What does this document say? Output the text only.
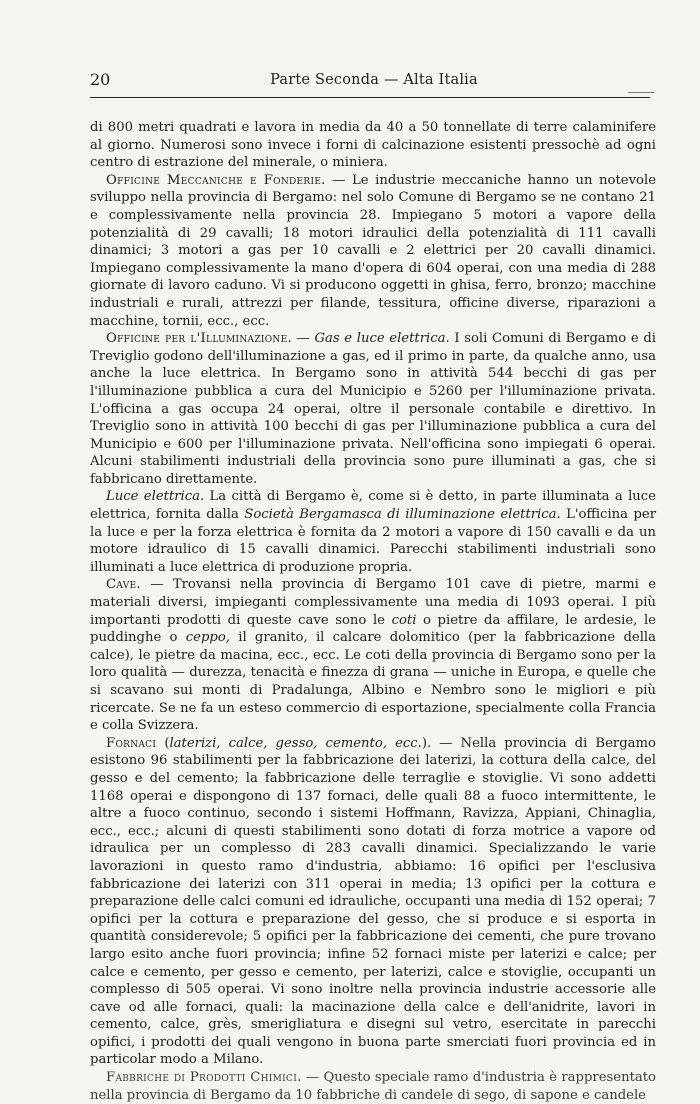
20	Parte Seconda — Alta Italia

di 800 metri quadrati e lavora in media da 40 a 50 tonnellate di terre calaminifere al giorno. Numerosi sono invece i forni di calcinazione esistenti pressochè ad ogni centro di estrazione del minerale, o miniera.

Officine Meccaniche e Fonderie. — Le industrie meccaniche hanno un notevole sviluppo nella provincia di Bergamo: nel solo Comune di Bergamo se ne contano 21 e complessivamente nella provincia 28. Impiegano 5 motori a vapore della potenzialità di 29 cavalli; 18 motori idraulici della potenzialità di 111 cavalli dinamici; 3 motori a gas per 10 cavalli e 2 elettrici per 20 cavalli dinamici. Impiegano complessivamente la mano d'opera di 604 operai, con una media di 288 giornate di lavoro caduno. Vi si producono oggetti in ghisa, ferro, bronzo; macchine industriali e rurali, attrezzi per filande, tessitura, officine diverse, riparazioni a macchine, tornii, ecc., ecc.

Officine per l'Illuminazione. — Gas e luce elettrica. I soli Comuni di Bergamo e di Treviglio godono dell'illuminazione a gas, ed il primo in parte, da qualche anno, usa anche la luce elettrica. In Bergamo sono in attività 544 becchi di gas per l'illuminazione pubblica a cura del Municipio e 5260 per l'illuminazione privata. L'officina a gas occupa 24 operai, oltre il personale contabile e direttivo. In Treviglio sono in attività 100 becchi di gas per l'illuminazione pubblica a cura del Municipio e 600 per l'illuminazione privata. Nell'officina sono impiegati 6 operai. Alcuni stabilimenti industriali della provincia sono pure illuminati a gas, che si fabbricano direttamente.

Luce elettrica. La città di Bergamo è, come si è detto, in parte illuminata a luce elettrica, fornita dalla Società Bergamasca di illuminazione elettrica. L'officina per la luce e per la forza elettrica è fornita da 2 motori a vapore di 150 cavalli e da un motore idraulico di 15 cavalli dinamici. Parecchi stabilimenti industriali sono illuminati a luce elettrica di produzione propria.

Cave. — Trovansi nella provincia di Bergamo 101 cave di pietre, marmi e materiali diversi, impieganti complessivamente una media di 1093 operai. I più importanti prodotti di queste cave sono le coti o pietre da affilare, le ardesie, le puddinghe o ceppo, il granito, il calcare dolomitico (per la fabbricazione della calce), le pietre da macina, ecc., ecc. Le coti della provincia di Bergamo sono per la loro qualità — durezza, tenacità e finezza di grana — uniche in Europa, e quelle che si scavano sui monti di Pradalunga, Albino e Nembro sono le migliori e più ricercate. Se ne fa un esteso commercio di esportazione, specialmente colla Francia e colla Svizzera.

Fornaci (laterizi, calce, gesso, cemento, ecc.). — Nella provincia di Bergamo esistono 96 stabilimenti per la fabbricazione dei laterizi, la cottura della calce, del gesso e del cemento; la fabbricazione delle terraglie e stoviglie. Vi sono addetti 1168 operai e dispongono di 137 fornaci, delle quali 88 a fuoco intermittente, le altre a fuoco continuo, secondo i sistemi Hoffmann, Ravizza, Appiani, Chinaglia, ecc., ecc.; alcuni di questi stabilimenti sono dotati di forza motrice a vapore od idraulica per un complesso di 283 cavalli dinamici. Specializzando le varie lavorazioni in questo ramo d'industria, abbiamo: 16 opifici per l'esclusiva fabbricazione dei laterizi con 311 operai in media; 13 opifici per la cottura e preparazione delle calci comuni ed idrauliche, occupanti una media di 152 operai; 7 opifici per la cottura e preparazione del gesso, che si produce e si esporta in quantità considerevole; 5 opifici per la fabbricazione dei cementi, che pure trovano largo esito anche fuori provincia; infine 52 fornaci miste per laterizi e calce; per calce e cemento, per gesso e cemento, per laterizi, calce e stoviglie, occupanti un complesso di 505 operai. Vi sono inoltre nella provincia industrie accessorie alle cave od alle fornaci, quali: la macinazione della calce e dell'anidrite, lavori in cemento, calce, grès, smerigliatura e disegni sul vetro, esercitate in parecchi opifici, i prodotti dei quali vengono in buona parte smerciati fuori provincia ed in particolar modo a Milano.

Fabbriche di Prodotti Chimici. — Questo speciale ramo d'industria è rappresentato nella provincia di Bergamo da 10 fabbriche di candele di sego, di sapone e candele
